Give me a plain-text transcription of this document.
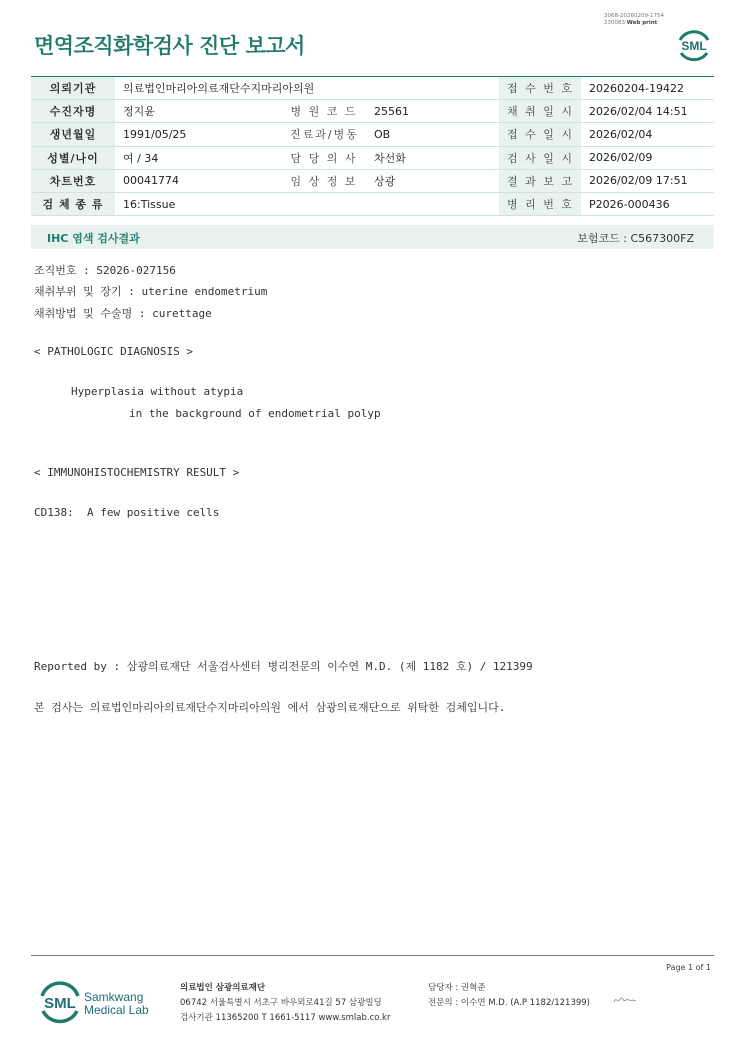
3068-20260209-1754
230083 Web print
면역조직화학검사 진단 보고서	SML
의뢰기관	의료법인마리아의료재단수지마리아의원			접 수 번 호	20260204-19422
수진자명	정지윤	병 원 코 드	25561	채 취 일 시	2026/02/04 14:51
생년월일	1991/05/25	진료과/병동	OB	접 수 일 시	2026/02/04
성별/나이	여 / 34	담 당 의 사	차선화	검 사 일 시	2026/02/09
차트번호	00041774	임 상 정 보	상광	결 과 보 고	2026/02/09 17:51
검 체 종 류	16:Tissue			병 리 번 호	P2026-000436
IHC 염색 검사결과	보험코드 : C567300FZ
조직번호 : S2026-027156
채취부위 및 장기 : uterine endometrium
채취방법 및 수술명 : curettage
< PATHOLOGIC DIAGNOSIS >
Hyperplasia without atypia
in the background of endometrial polyp
< IMMUNOHISTOCHEMISTRY RESULT >
CD138:  A few positive cells
Reported by : 삼광의료재단 서울검사센터 병리전문의 이수연 M.D. (제 1182 호) / 121399
본 검사는 의료법인마리아의료재단수지마리아의원 에서 삼광의료재단으로 위탁한 검체입니다.
Page 1 of 1
SML Samkwang
Medical Lab
의료법인 삼광의료재단
06742 서울특별시 서초구 바우뫼로41길 57 삼광빌딩
검사기관 11365200 T 1661-5117 www.smlab.co.kr
담당자 : 권혁준
전문의 : 이수연 M.D. (A.P 1182/121399)
